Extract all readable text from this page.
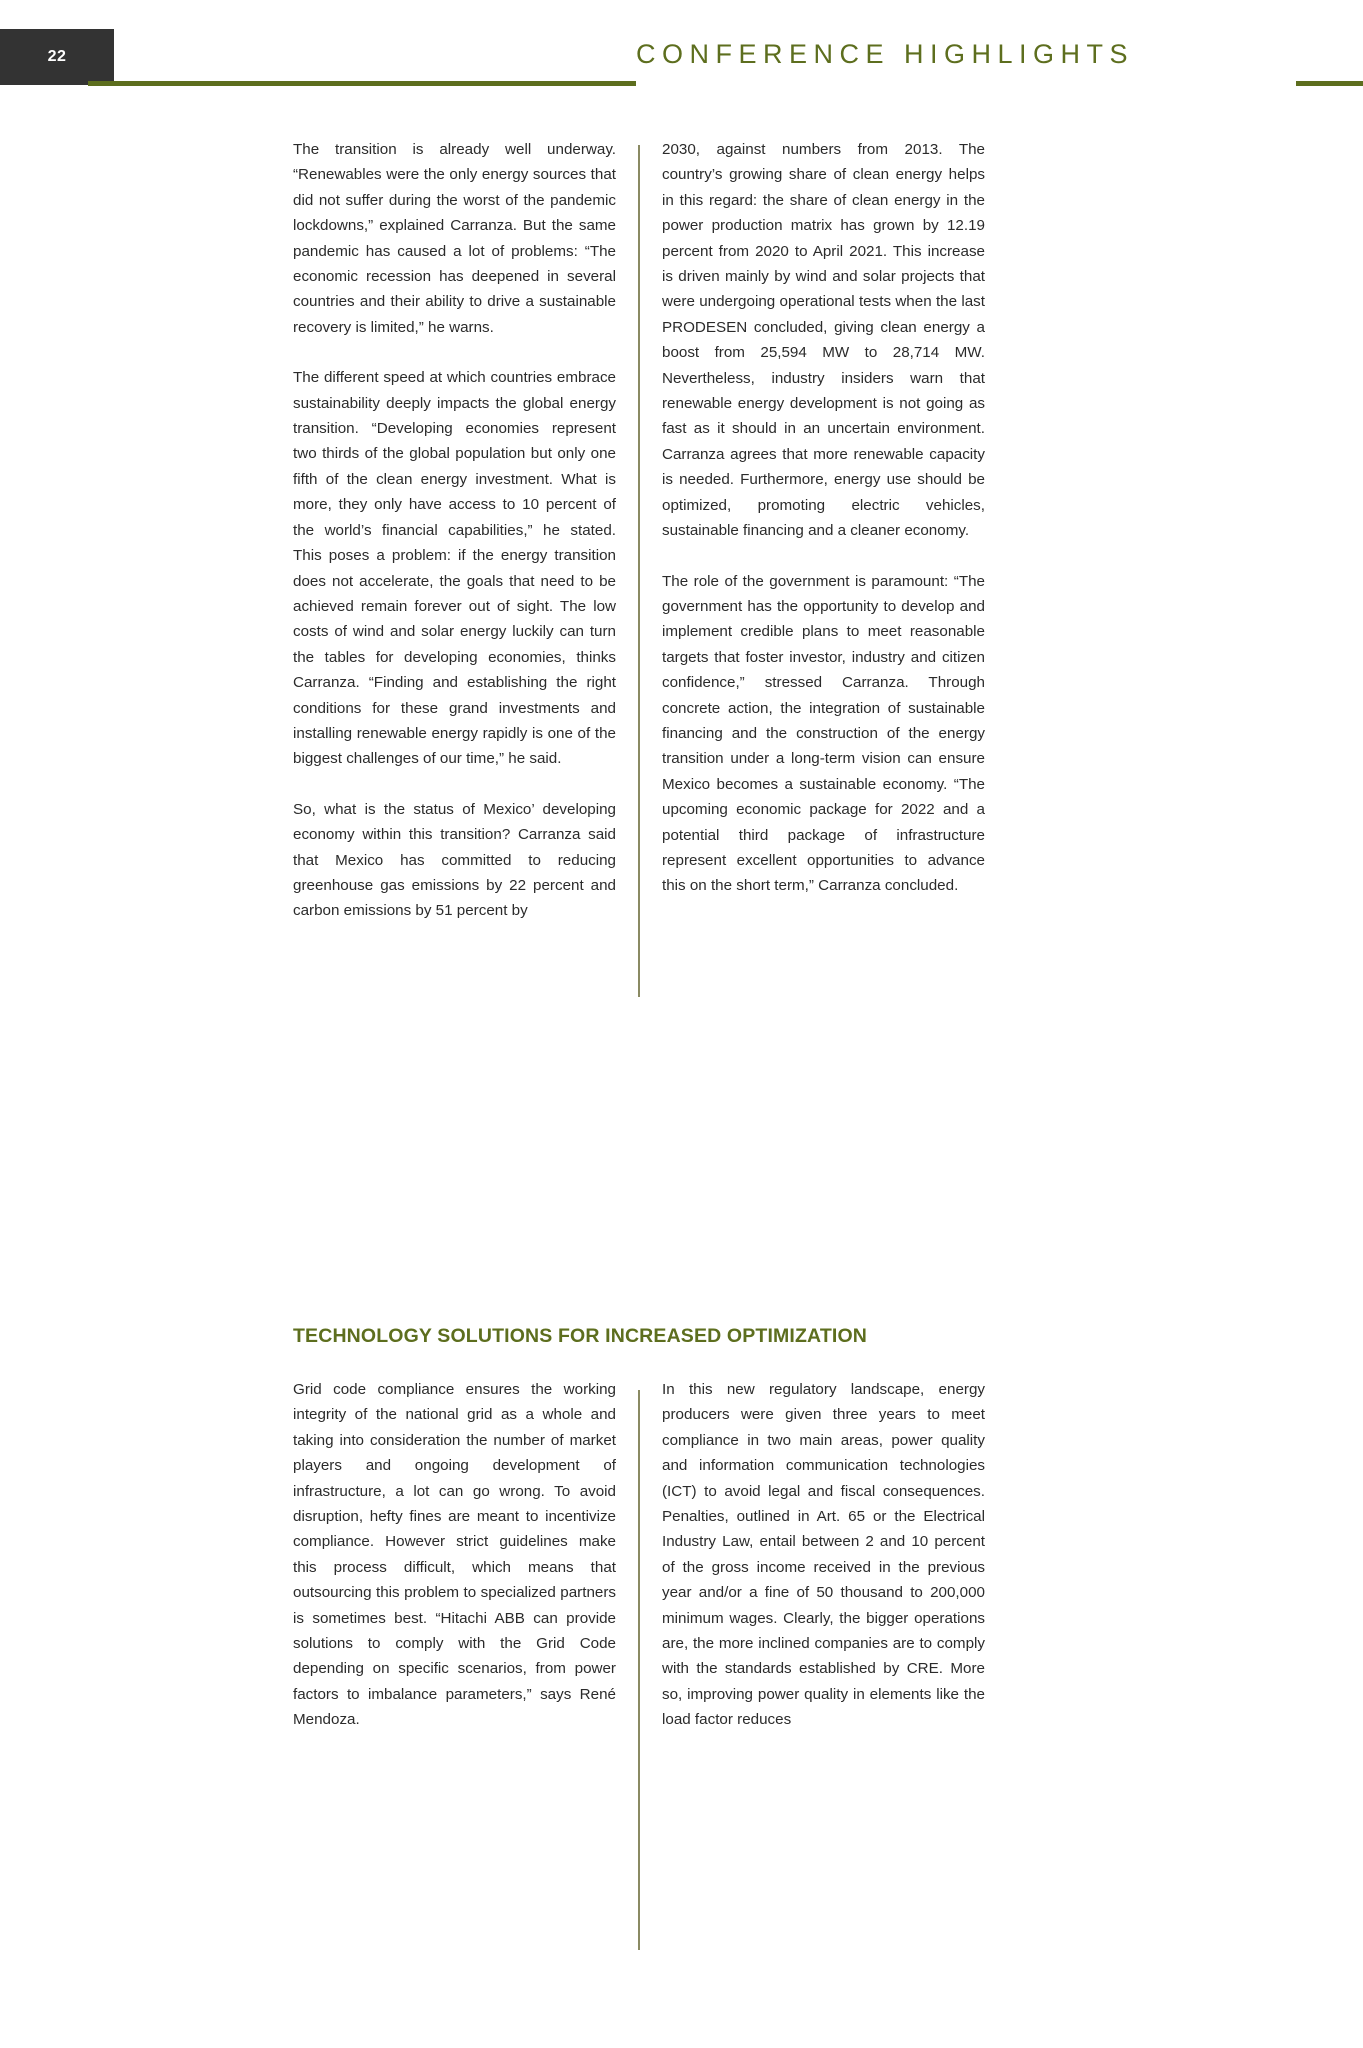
22	CONFERENCE HIGHLIGHTS

The transition is already well underway. “Renewables were the only energy sources that did not suffer during the worst of the pandemic lockdowns,” explained Carranza. But the same pandemic has caused a lot of problems: “The economic recession has deepened in several countries and their ability to drive a sustainable recovery is limited,” he warns.

The different speed at which countries embrace sustainability deeply impacts the global energy transition. “Developing economies represent two thirds of the global population but only one fifth of the clean energy investment. What is more, they only have access to 10 percent of the world’s financial capabilities,” he stated. This poses a problem: if the energy transition does not accelerate, the goals that need to be achieved remain forever out of sight. The low costs of wind and solar energy luckily can turn the tables for developing economies, thinks Carranza. “Finding and establishing the right conditions for these grand investments and installing renewable energy rapidly is one of the biggest challenges of our time,” he said.

So, what is the status of Mexico’ developing economy within this transition? Carranza said that Mexico has committed to reducing greenhouse gas emissions by 22 percent and carbon emissions by 51 percent by

2030, against numbers from 2013. The country’s growing share of clean energy helps in this regard: the share of clean energy in the power production matrix has grown by 12.19 percent from 2020 to April 2021. This increase is driven mainly by wind and solar projects that were undergoing operational tests when the last PRODESEN concluded, giving clean energy a boost from 25,594 MW to 28,714 MW. Nevertheless, industry insiders warn that renewable energy development is not going as fast as it should in an uncertain environment. Carranza agrees that more renewable capacity is needed. Furthermore, energy use should be optimized, promoting electric vehicles, sustainable financing and a cleaner economy.

The role of the government is paramount: “The government has the opportunity to develop and implement credible plans to meet reasonable targets that foster investor, industry and citizen confidence,” stressed Carranza. Through concrete action, the integration of sustainable financing and the construction of the energy transition under a long-term vision can ensure Mexico becomes a sustainable economy. “The upcoming economic package for 2022 and a potential third package of infrastructure represent excellent opportunities to advance this on the short term,” Carranza concluded.

TECHNOLOGY SOLUTIONS FOR INCREASED OPTIMIZATION

Grid code compliance ensures the working integrity of the national grid as a whole and taking into consideration the number of market players and ongoing development of infrastructure, a lot can go wrong. To avoid disruption, hefty fines are meant to incentivize compliance. However strict guidelines make this process difficult, which means that outsourcing this problem to specialized partners is sometimes best. “Hitachi ABB can provide solutions to comply with the Grid Code depending on specific scenarios, from power factors to imbalance parameters,” says René Mendoza.

In this new regulatory landscape, energy producers were given three years to meet compliance in two main areas, power quality and information communication technologies (ICT) to avoid legal and fiscal consequences. Penalties, outlined in Art. 65 or the Electrical Industry Law, entail between 2 and 10 percent of the gross income received in the previous year and/or a fine of 50 thousand to 200,000 minimum wages. Clearly, the bigger operations are, the more inclined companies are to comply with the standards established by CRE. More so, improving power quality in elements like the load factor reduces
